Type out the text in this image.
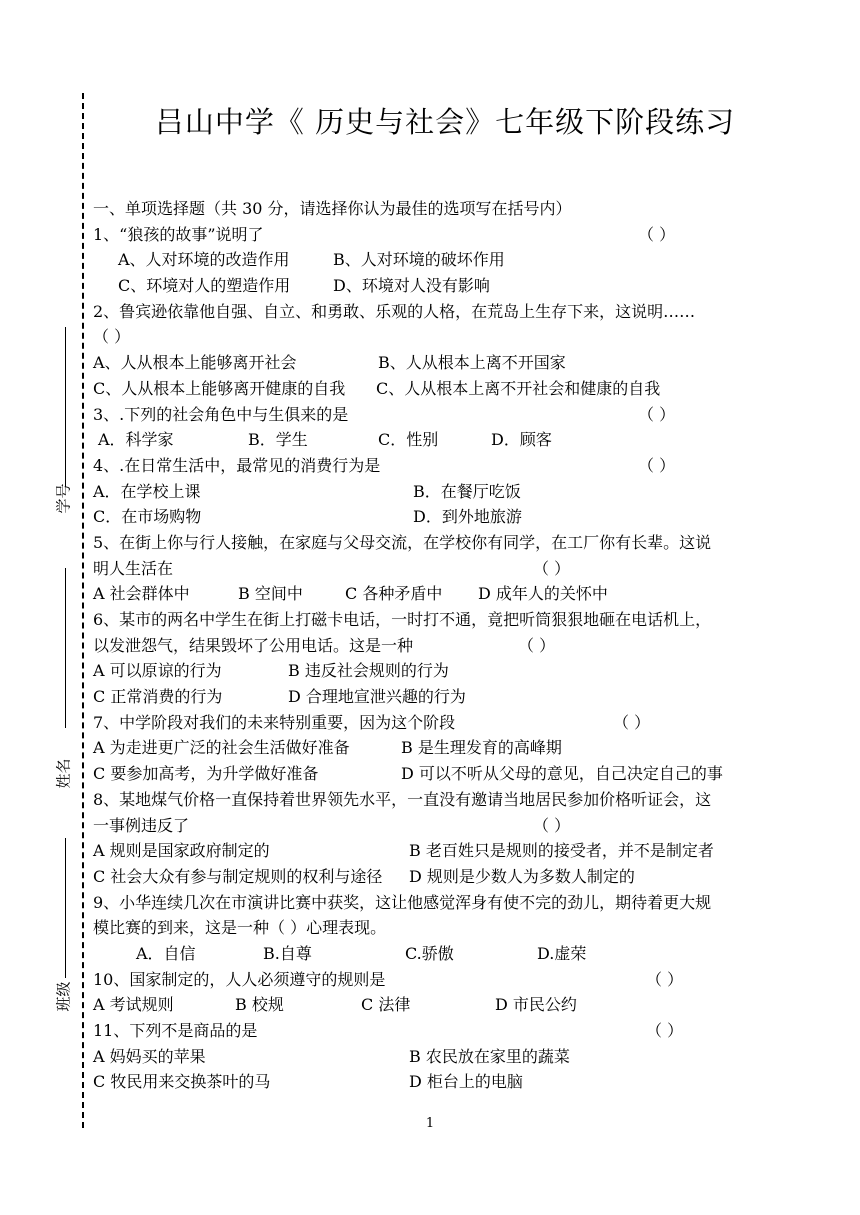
学号
姓名
班级
吕山中学《 历史与社会》七年级下阶段练习
一、单项选择题（共 30 分，请选择你认为最佳的选项写在括号内）
1、“狼孩的故事”说明了	（ ）
A、人对环境的改造作用	B、人对环境的破坏作用
C、环境对人的塑造作用	D、环境对人没有影响
2、鲁宾逊依靠他自强、自立、和勇敢、乐观的人格，在荒岛上生存下来，这说明……
（ ）
A、人从根本上能够离开社会	B、人从根本上离不开国家
C、人从根本上能够离开健康的自我 C、人从根本上离不开社会和健康的自我
3、.下列的社会角色中与生俱来的是	（ ）
A．科学家	B．学生	C．性别	D．顾客
4、.在日常生活中，最常见的消费行为是	（ ）
A．在学校上课	B．在餐厅吃饭
C．在市场购物	D．到外地旅游
5、在街上你与行人接触，在家庭与父母交流，在学校你有同学，在工厂你有长辈。这说
明人生活在	（ ）
A 社会群体中	B 空间中	C 各种矛盾中 D 成年人的关怀中
6、某市的两名中学生在街上打磁卡电话，一时打不通，竟把听筒狠狠地砸在电话机上，
以发泄怨气，结果毁坏了公用电话。这是一种	（ ）
A 可以原谅的行为	B 违反社会规则的行为
C 正常消费的行为	D 合理地宣泄兴趣的行为
7、中学阶段对我们的未来特别重要，因为这个阶段	（ ）
A 为走进更广泛的社会生活做好准备	B 是生理发育的高峰期
C 要参加高考，为升学做好准备	D 可以不听从父母的意见，自己决定自己的事
8、某地煤气价格一直保持着世界领先水平，一直没有邀请当地居民参加价格听证会，这
一事例违反了	（ ）
A 规则是国家政府制定的	B 老百姓只是规则的接受者，并不是制定者
C 社会大众有参与制定规则的权利与途径 D 规则是少数人为多数人制定的
9、小华连续几次在市演讲比赛中获奖，这让他感觉浑身有使不完的劲儿，期待着更大规
模比赛的到来，这是一种（ ）心理表现。
A．自信	B.自尊	C.骄傲	D.虚荣
10、国家制定的，人人必须遵守的规则是	（ ）
A 考试规则	B 校规	C 法律	D 市民公约
11、下列不是商品的是	（ ）
A 妈妈买的苹果	B 农民放在家里的蔬菜
C 牧民用来交换茶叶的马	D 柜台上的电脑
1
